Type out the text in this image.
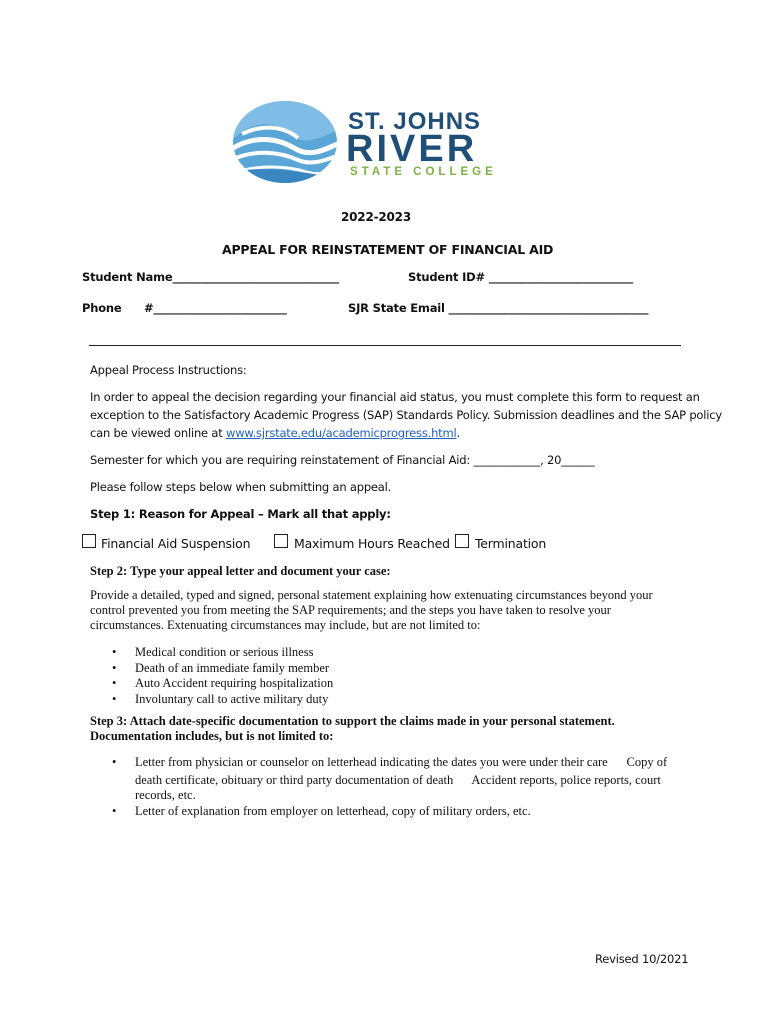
ST. JOHNS
RIVER
STATE COLLEGE
2022-2023
APPEAL FOR REINSTATEMENT OF FINANCIAL AID
Student Name______________________________	Student ID# __________________________
Phone #________________________	SJR State Email ____________________________________
Appeal Process Instructions:
In order to appeal the decision regarding your financial aid status, you must complete this form to request an
exception to the Satisfactory Academic Progress (SAP) Standards Policy. Submission deadlines and the SAP policy
can be viewed online at www.sjrstate.edu/academicprogress.html.
Semester for which you are requiring reinstatement of Financial Aid: ____________, 20______
Please follow steps below when submitting an appeal.
Step 1: Reason for Appeal – Mark all that apply:
Financial Aid Suspension	Maximum Hours Reached Termination
Step 2: Type your appeal letter and document your case:
Provide a detailed, typed and signed, personal statement explaining how extenuating circumstances beyond your
control prevented you from meeting the SAP requirements; and the steps you have taken to resolve your
circumstances. Extenuating circumstances may include, but are not limited to:
• Medical condition or serious illness
• Death of an immediate family member
• Auto Accident requiring hospitalization
• Involuntary call to active military duty
Step 3: Attach date-specific documentation to support the claims made in your personal statement.
Documentation includes, but is not limited to:
• Letter from physician or counselor on letterhead indicating the dates you were under their care      Copy of
death certificate, obituary or third party documentation of death      Accident reports, police reports, court
records, etc.
• Letter of explanation from employer on letterhead, copy of military orders, etc.
Revised 10/2021
